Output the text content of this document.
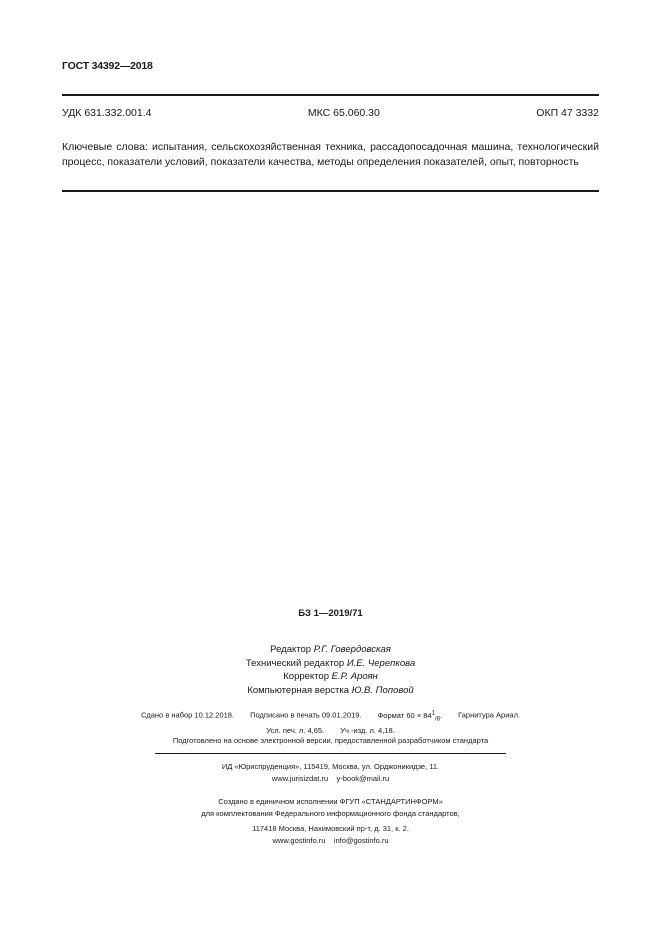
ГОСТ 34392—2018
УДК 631.332.001.4	МКС 65.060.30	ОКП 47 3332
Ключевые слова: испытания, сельскохозяйственная техника, рассадопосадочная машина, технологический процесс, показатели условий, показатели качества, методы определения показателей, опыт, повторность
БЗ 1—2019/71
Редактор Р.Г. Говердовская
Технический редактор И.Е. Черепкова
Корректор Е.Р. Ароян
Компьютерная верстка Ю.В. Поповой
Сдано в набор 10.12.2018. Подписано в печать 09.01.2019. Формат $60 \times 84^1_{/8}$. Гарнитура Ариал.
Усл. печ. л. 4,65. Уч.-изд. л. 4,18.
Подготовлено на основе электронной версии, предоставленной разработчиком стандарта
ИД «Юриспруденция», 115419, Москва, ул. Орджоникидзе, 11.
www.jurisizdat.ru y-book@mail.ru
Создано в единичном исполнении ФГУП «СТАНДАРТИНФОРМ»
для комплектования Федерального информационного фонда стандартов,
117418 Москва, Нахимовский пр-т, д. 31, к. 2.
www.gostinfo.ru info@gostinfo.ru
